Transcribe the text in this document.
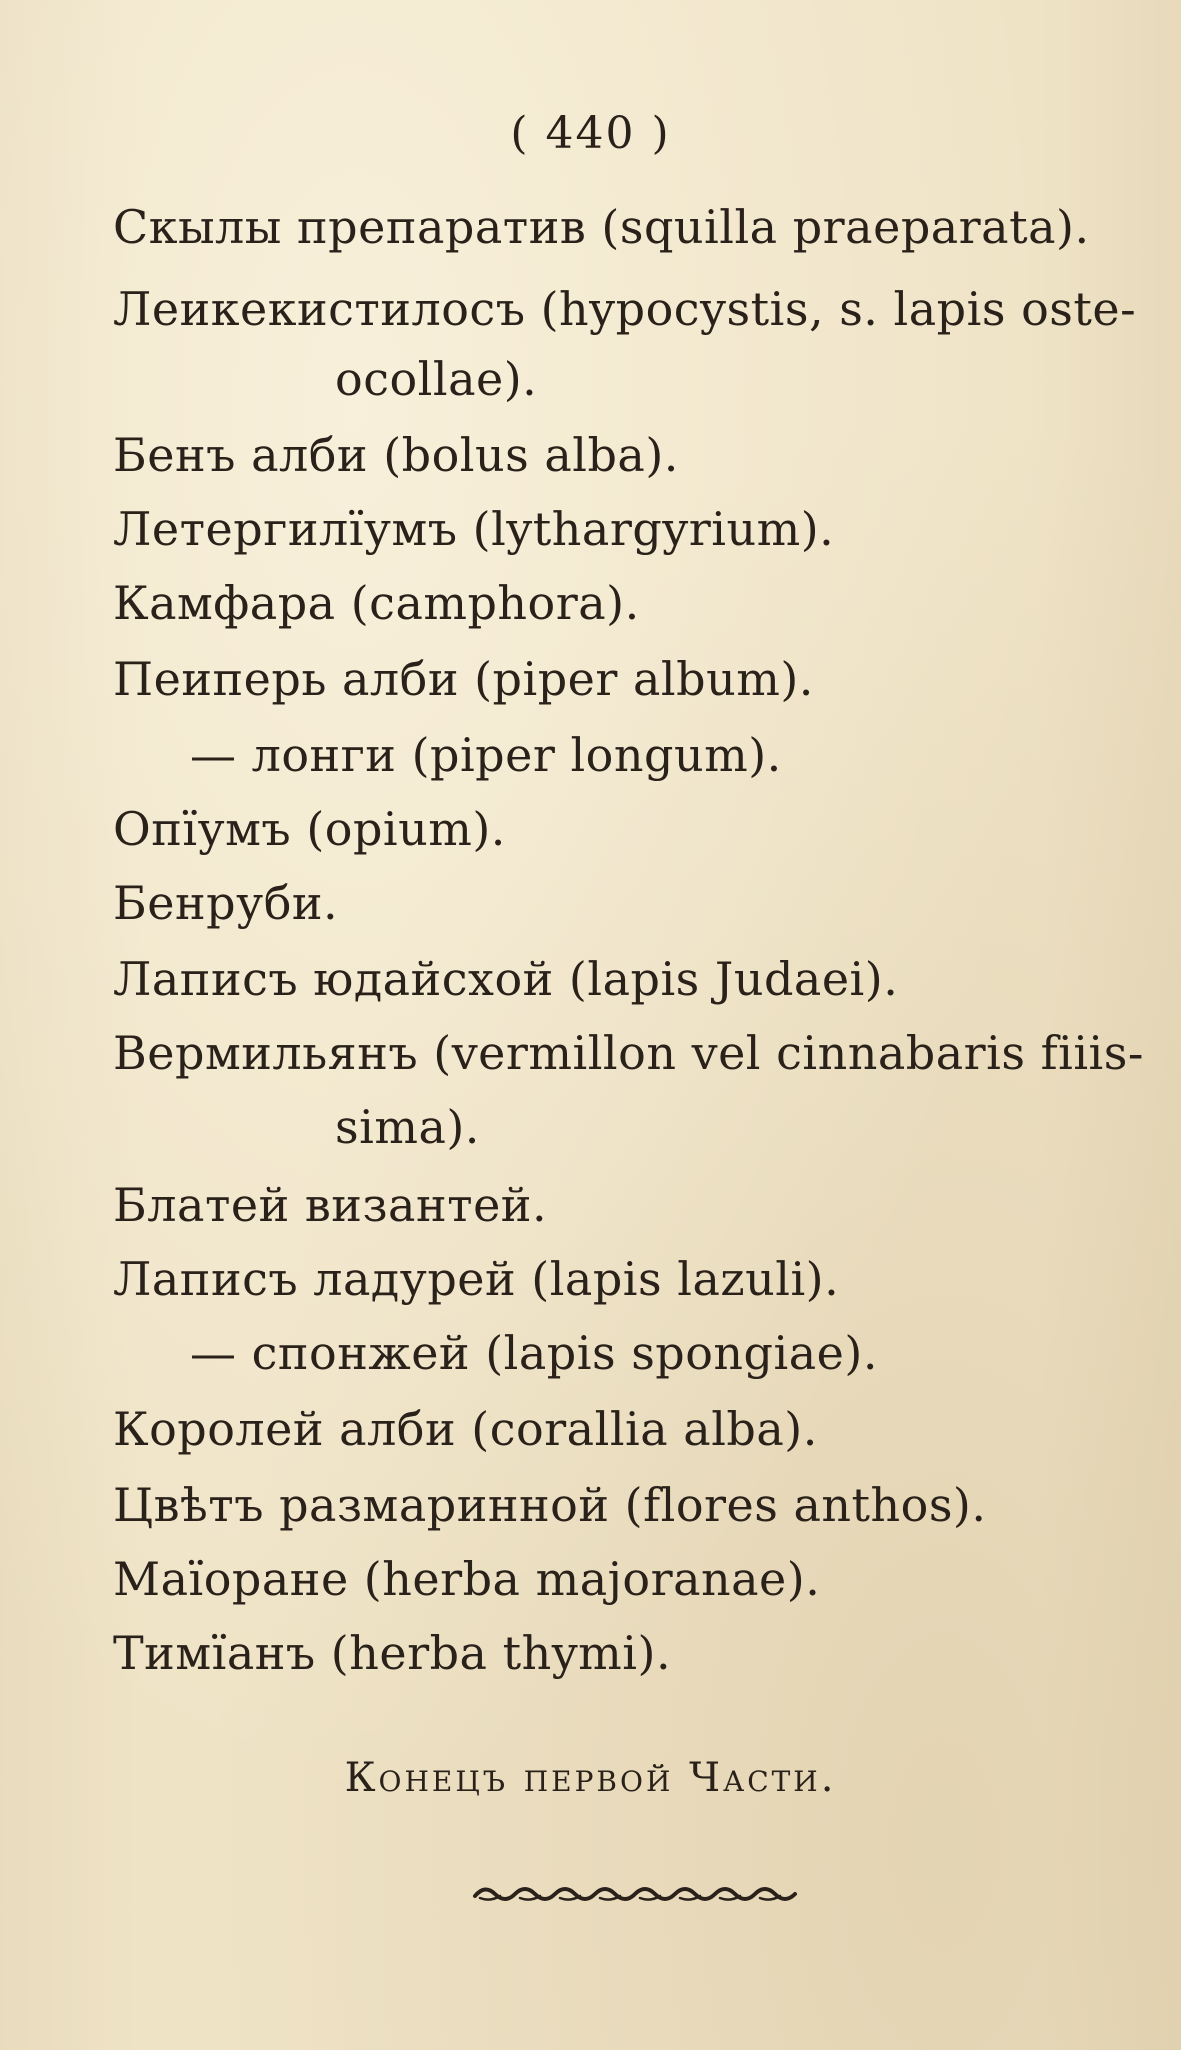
( 440 )
Скылы препаратив (squilla praeparata).
Леикекистилосъ (hypocystis, s. lapis oste-
ocollae).
Бенъ алби (bolus alba).
Летергилїумъ (lythargyrium).
Камфара (camphora).
Пеиперь алби (piper album).
— лонги (piper longum).
Опїумъ (opium).
Бенруби.
Лаписъ юдайсхой (lapis Judaei).
Вермильянъ (vermillon vel cinnabaris fiiis-
sima).
Блатей византей.
Лаписъ ладурей (lapis lazuli).
— спонжей (lapis spongiae).
Королей алби (corallia alba).
Цвѣтъ размаринной (flores anthos).
Маїоране (herba majoranae).
Тимїанъ (herba thymi).
Конецъ первой Части.
